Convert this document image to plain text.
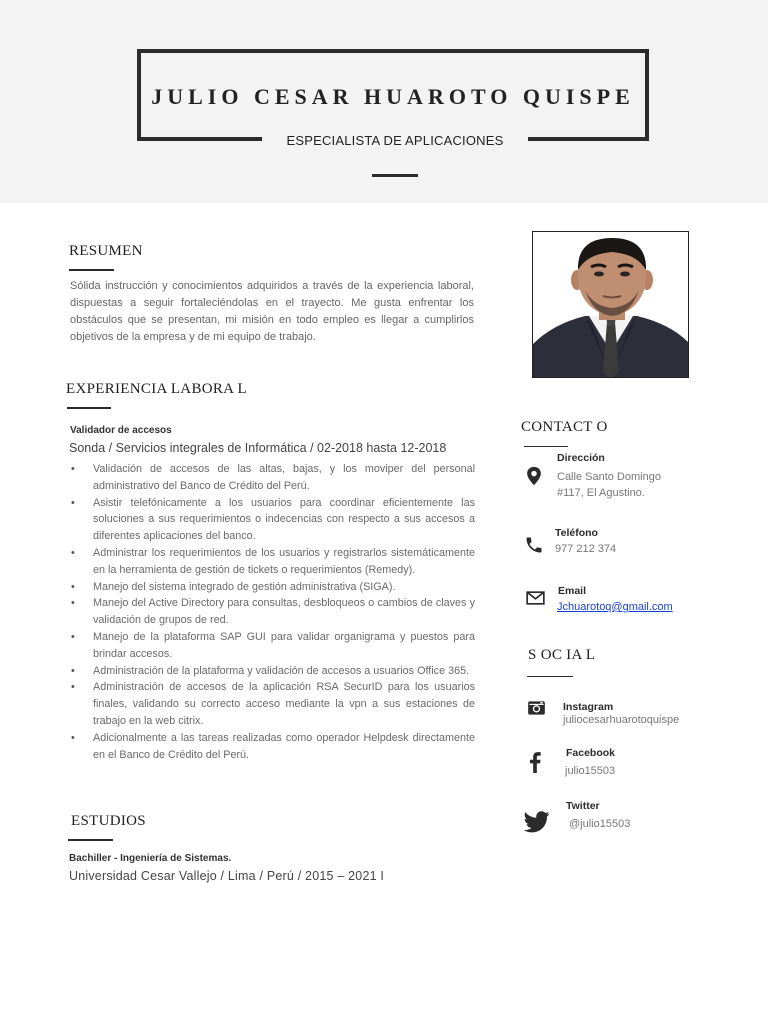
JULIO CESAR HUAROTO QUISPE
ESPECIALISTA DE APLICACIONES
RESUMEN
Sólida instrucción y conocimientos adquiridos a través de la experiencia laboral, dispuestas a seguir fortaleciéndolas en el trayecto. Me gusta enfrentar los obstáculos que se presentan, mi misión en todo empleo es llegar a cumplirlos objetivos de la empresa y de mi equipo de trabajo.
EXPERIENCIA LABORA L
Validador de accesos
Sonda / Servicios integrales de Informática / 02-2018 hasta 12-2018
• Validación de accesos de las altas, bajas, y los moviper del personal administrativo del Banco de Crédito del Perú.
• Asistir telefónicamente a los usuarios para coordinar eficientemente las soluciones a sus requerimientos o indecencias con respecto a sus accesos a diferentes aplicaciones del banco.
• Administrar los requerimientos de los usuarios y registrarlos sistemáticamente en la herramienta de gestión de tickets o requerimientos (Remedy).
• Manejo del sistema integrado de gestión administrativa (SIGA).
• Manejo del Active Directory para consultas, desbloqueos o cambios de claves y validación de grupos de red.
• Manejo de la plataforma SAP GUI para validar organigrama y puestos para brindar accesos.
• Administración de la plataforma y validación de accesos a usuarios Office 365.
• Administración de accesos de la aplicación RSA SecurID para los usuarios finales, validando su correcto acceso mediante la vpn a sus estaciones de trabajo en la web citrix.
• Adicionalmente a las tareas realizadas como operador Helpdesk directamente en el Banco de Crédito del Perú.
ESTUDIOS
Bachiller - Ingeniería de Sistemas.
Universidad Cesar Vallejo / Lima / Perú / 2015 – 2021 I
CONTACT O
Dirección
Calle Santo Domingo
#117, El Agustino.
Teléfono
977 212 374
Email
Jchuarotoq@gmail.com
S OC IA L
Instagram
juliocesarhuarotoquispe
Facebook
julio15503
Twitter
@julio15503
